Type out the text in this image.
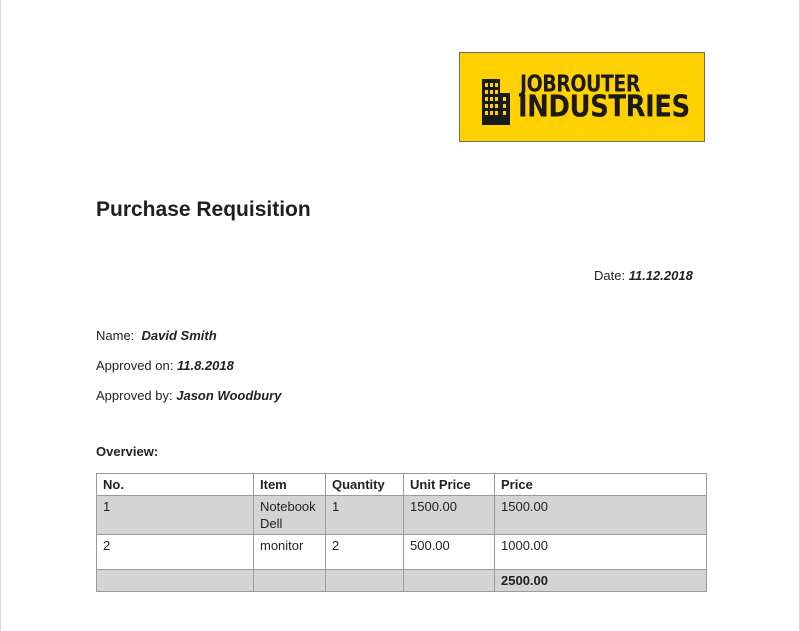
JOBROUTER
INDUSTRIES
Purchase Requisition
Date: 11.12.2018
Name: David Smith
Approved on: 11.8.2018
Approved by: Jason Woodbury
Overview:
No.	Item	Quantity	Unit Price	Price
1	Notebook Dell	1	1500.00	1500.00
2	monitor	2	500.00	1000.00
				2500.00
